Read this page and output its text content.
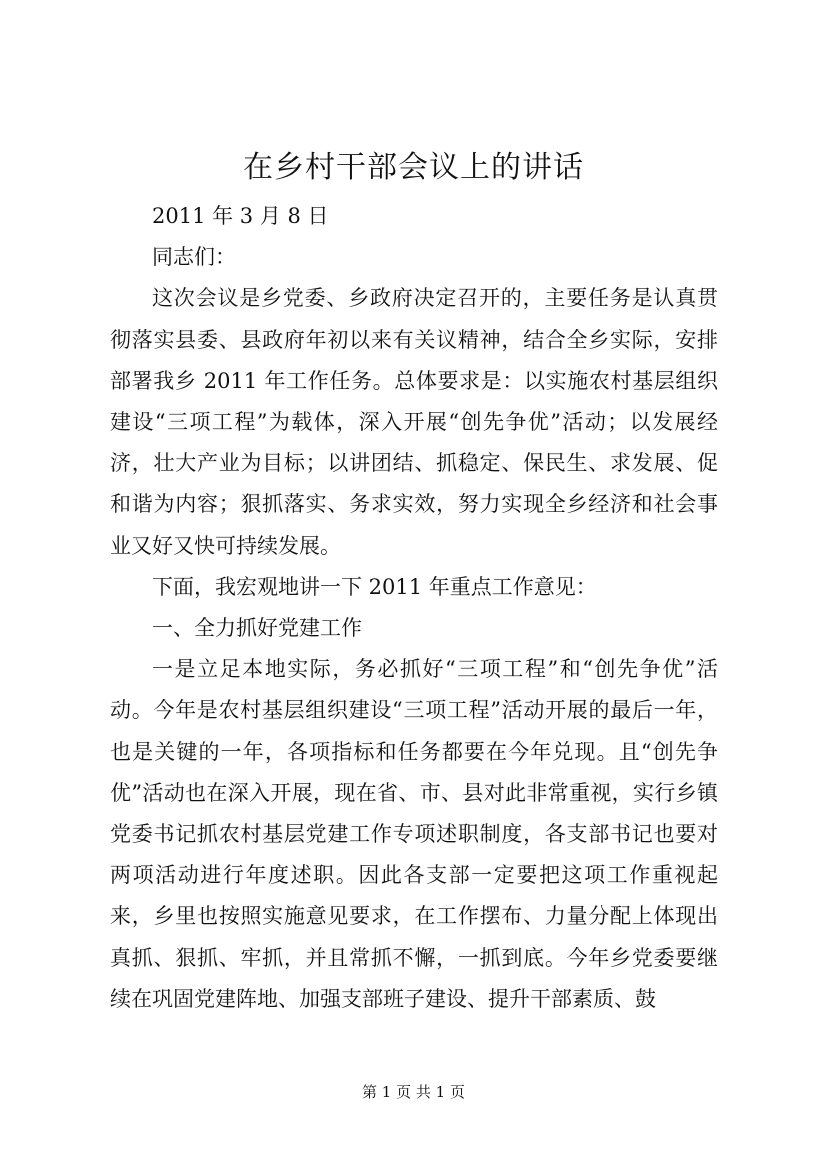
在乡村干部会议上的讲话

2011 年 3 月 8 日

同志们：

这次会议是乡党委、乡政府决定召开的，主要任务是认真贯彻落实县委、县政府年初以来有关议精神，结合全乡实际，安排部署我乡 2011 年工作任务。总体要求是：以实施农村基层组织建设“三项工程”为载体，深入开展“创先争优”活动；以发展经济，壮大产业为目标；以讲团结、抓稳定、保民生、求发展、促和谐为内容；狠抓落实、务求实效，努力实现全乡经济和社会事业又好又快可持续发展。

下面，我宏观地讲一下 2011 年重点工作意见：

一、全力抓好党建工作

一是立足本地实际，务必抓好“三项工程”和“创先争优”活动。今年是农村基层组织建设“三项工程”活动开展的最后一年，也是关键的一年，各项指标和任务都要在今年兑现。且“创先争优”活动也在深入开展，现在省、市、县对此非常重视，实行乡镇党委书记抓农村基层党建工作专项述职制度，各支部书记也要对两项活动进行年度述职。因此各支部一定要把这项工作重视起来，乡里也按照实施意见要求，在工作摆布、力量分配上体现出真抓、狠抓、牢抓，并且常抓不懈，一抓到底。今年乡党委要继续在巩固党建阵地、加强支部班子建设、提升干部素质、鼓

第 1 页 共 1 页
